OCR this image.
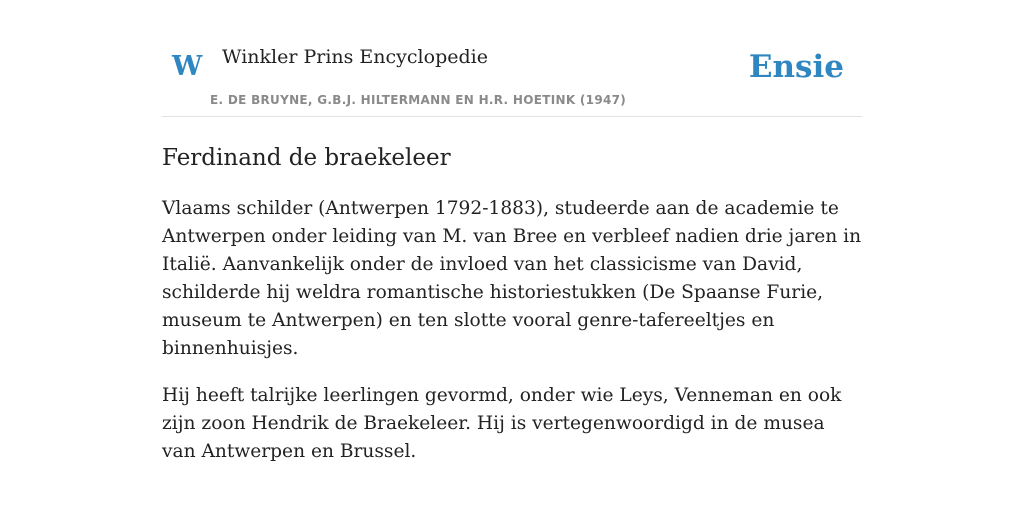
W Winkler Prins Encyclopedie
E. DE BRUYNE, G.B.J. HILTERMANN EN H.R. HOETINK (1947)
Ensie
Ferdinand de braekeleer

Vlaams schilder (Antwerpen 1792-1883), studeerde aan de academie te Antwerpen onder leiding van M. van Bree en verbleef nadien drie jaren in Italië. Aanvankelijk onder de invloed van het classicisme van David, schilderde hij weldra romantische historiestukken (De Spaanse Furie, museum te Antwerpen) en ten slotte vooral genre-tafereeltjes en binnenhuisjes.

Hij heeft talrijke leerlingen gevormd, onder wie Leys, Venneman en ook zijn zoon Hendrik de Braekeleer. Hij is vertegenwoordigd in de musea van Antwerpen en Brussel.
